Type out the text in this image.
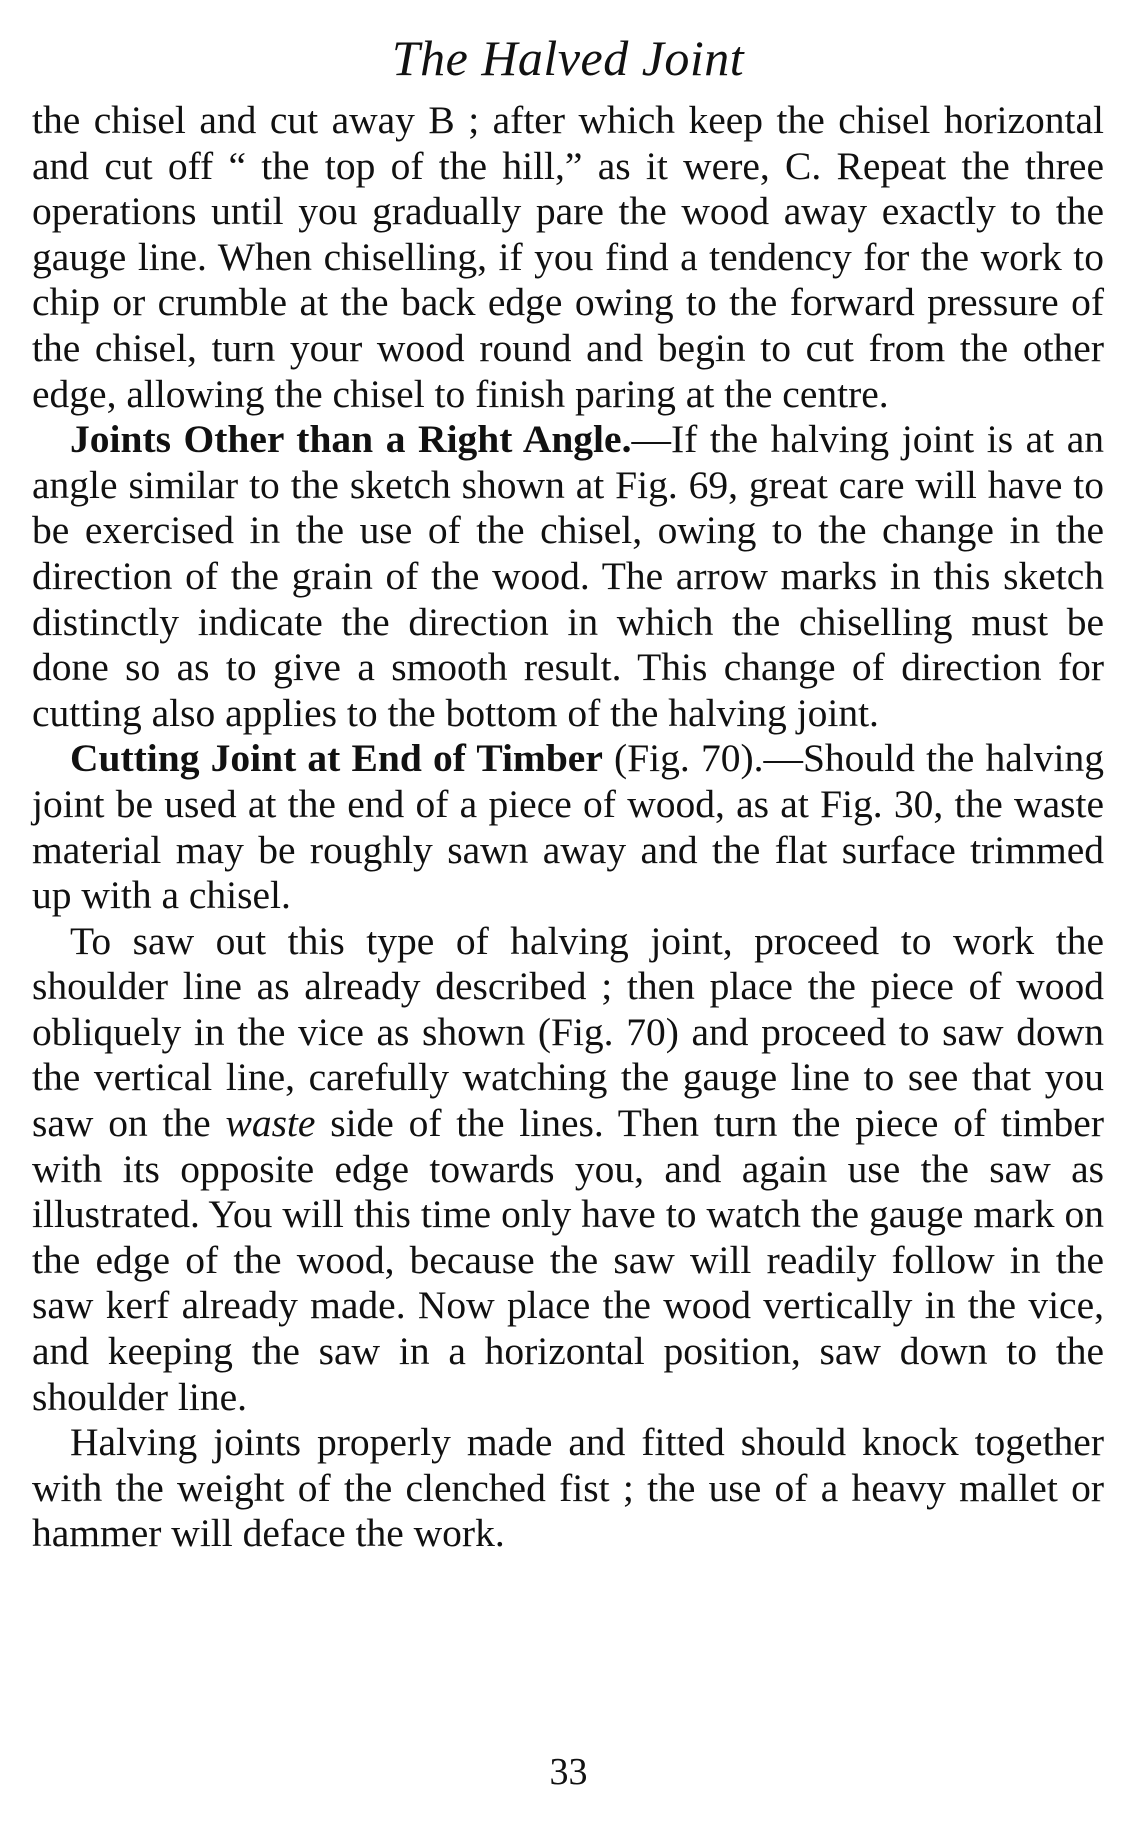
The Halved Joint

the chisel and cut away B ; after which keep the chisel horizontal and cut off “ the top of the hill,” as it were, C. Repeat the three operations until you gradually pare the wood away exactly to the gauge line. When chiselling, if you find a tendency for the work to chip or crumble at the back edge owing to the forward pressure of the chisel, turn your wood round and begin to cut from the other edge, allowing the chisel to finish paring at the centre.

Joints Other than a Right Angle.—If the halving joint is at an angle similar to the sketch shown at Fig. 69, great care will have to be exercised in the use of the chisel, owing to the change in the direction of the grain of the wood. The arrow marks in this sketch distinctly indicate the direction in which the chiselling must be done so as to give a smooth result. This change of direction for cutting also applies to the bottom of the halving joint.

Cutting Joint at End of Timber (Fig. 70).—Should the halving joint be used at the end of a piece of wood, as at Fig. 30, the waste material may be roughly sawn away and the flat surface trimmed up with a chisel.

To saw out this type of halving joint, proceed to work the shoulder line as already described ; then place the piece of wood obliquely in the vice as shown (Fig. 70) and proceed to saw down the vertical line, carefully watching the gauge line to see that you saw on the waste side of the lines. Then turn the piece of timber with its opposite edge towards you, and again use the saw as illustrated. You will this time only have to watch the gauge mark on the edge of the wood, because the saw will readily follow in the saw kerf already made. Now place the wood vertically in the vice, and keeping the saw in a horizontal position, saw down to the shoulder line.

Halving joints properly made and fitted should knock together with the weight of the clenched fist ; the use of a heavy mallet or hammer will deface the work.

33
